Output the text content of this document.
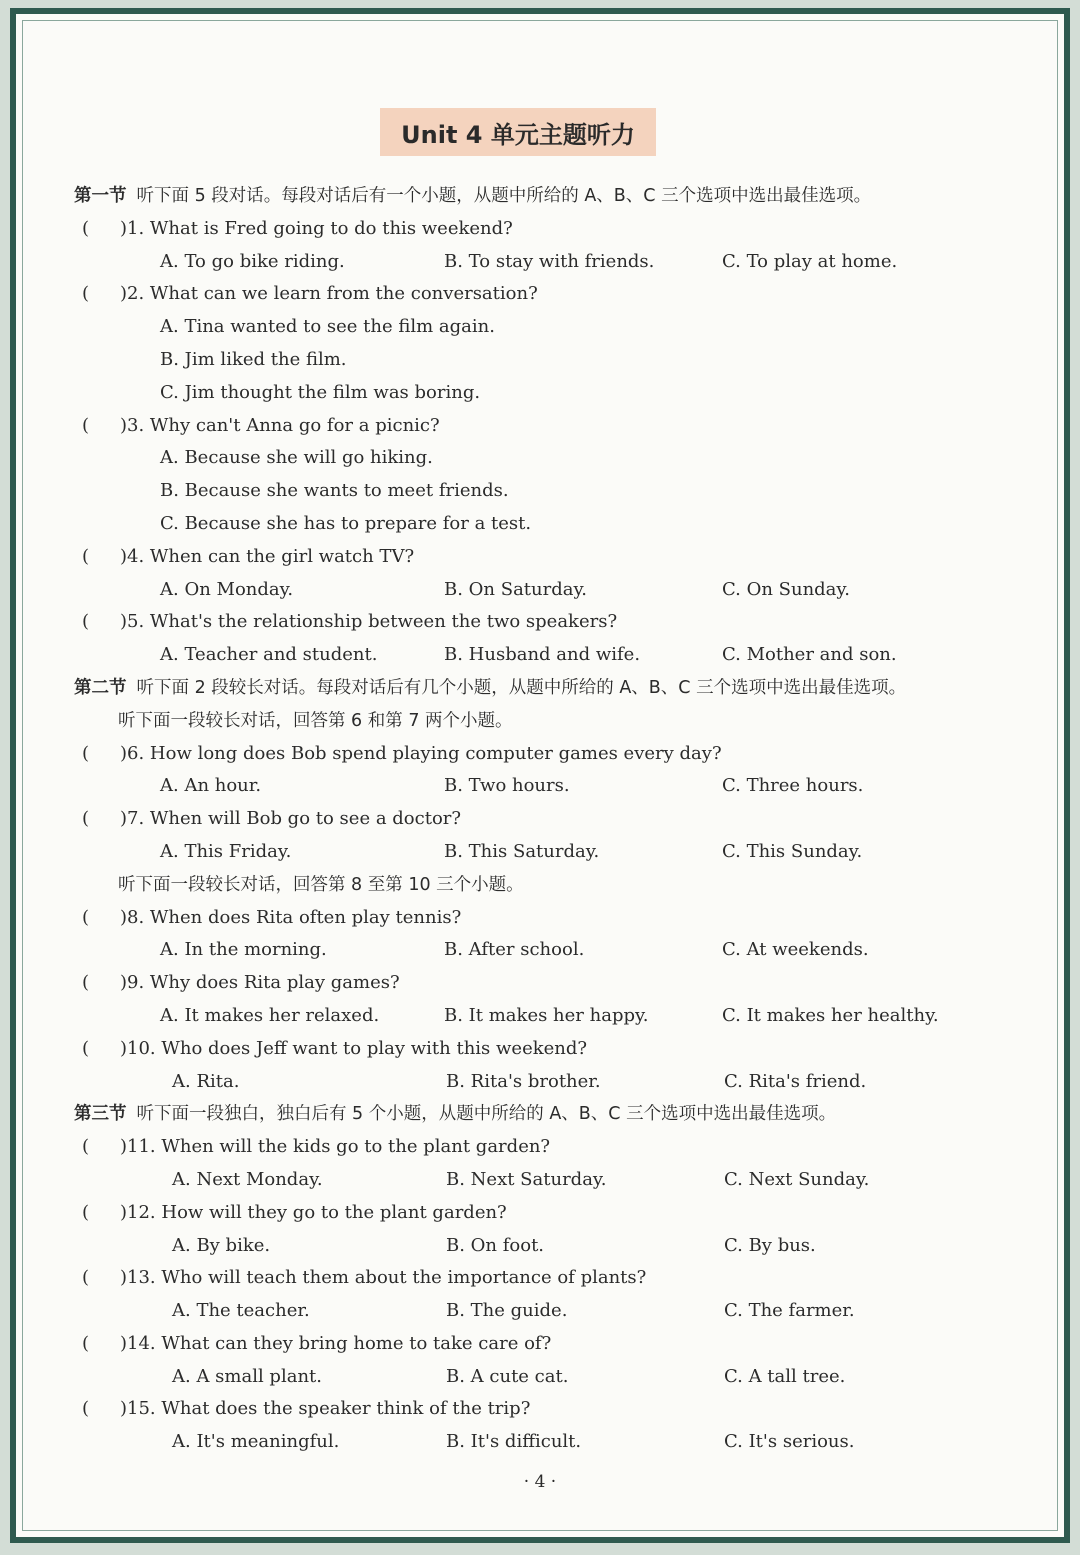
Unit 4 单元主题听力
第一节 听下面 5 段对话。每段对话后有一个小题，从题中所给的 A、B、C 三个选项中选出最佳选项。
( )1. What is Fred going to do this weekend?
A. To go bike riding.	B. To stay with friends.	C. To play at home.
( )2. What can we learn from the conversation?
A. Tina wanted to see the film again.
B. Jim liked the film.
C. Jim thought the film was boring.
( )3. Why can't Anna go for a picnic?
A. Because she will go hiking.
B. Because she wants to meet friends.
C. Because she has to prepare for a test.
( )4. When can the girl watch TV?
A. On Monday.	B. On Saturday.	C. On Sunday.
( )5. What's the relationship between the two speakers?
A. Teacher and student.	B. Husband and wife.	C. Mother and son.
第二节 听下面 2 段较长对话。每段对话后有几个小题，从题中所给的 A、B、C 三个选项中选出最佳选项。
听下面一段较长对话，回答第 6 和第 7 两个小题。
( )6. How long does Bob spend playing computer games every day?
A. An hour.	B. Two hours.	C. Three hours.
( )7. When will Bob go to see a doctor?
A. This Friday.	B. This Saturday.	C. This Sunday.
听下面一段较长对话，回答第 8 至第 10 三个小题。
( )8. When does Rita often play tennis?
A. In the morning.	B. After school.	C. At weekends.
( )9. Why does Rita play games?
A. It makes her relaxed.	B. It makes her happy.	C. It makes her healthy.
( )10. Who does Jeff want to play with this weekend?
A. Rita.	B. Rita's brother.	C. Rita's friend.
第三节 听下面一段独白，独白后有 5 个小题，从题中所给的 A、B、C 三个选项中选出最佳选项。
( )11. When will the kids go to the plant garden?
A. Next Monday.	B. Next Saturday.	C. Next Sunday.
( )12. How will they go to the plant garden?
A. By bike.	B. On foot.	C. By bus.
( )13. Who will teach them about the importance of plants?
A. The teacher.	B. The guide.	C. The farmer.
( )14. What can they bring home to take care of?
A. A small plant.	B. A cute cat.	C. A tall tree.
( )15. What does the speaker think of the trip?
A. It's meaningful.	B. It's difficult.	C. It's serious.
· 4 ·
